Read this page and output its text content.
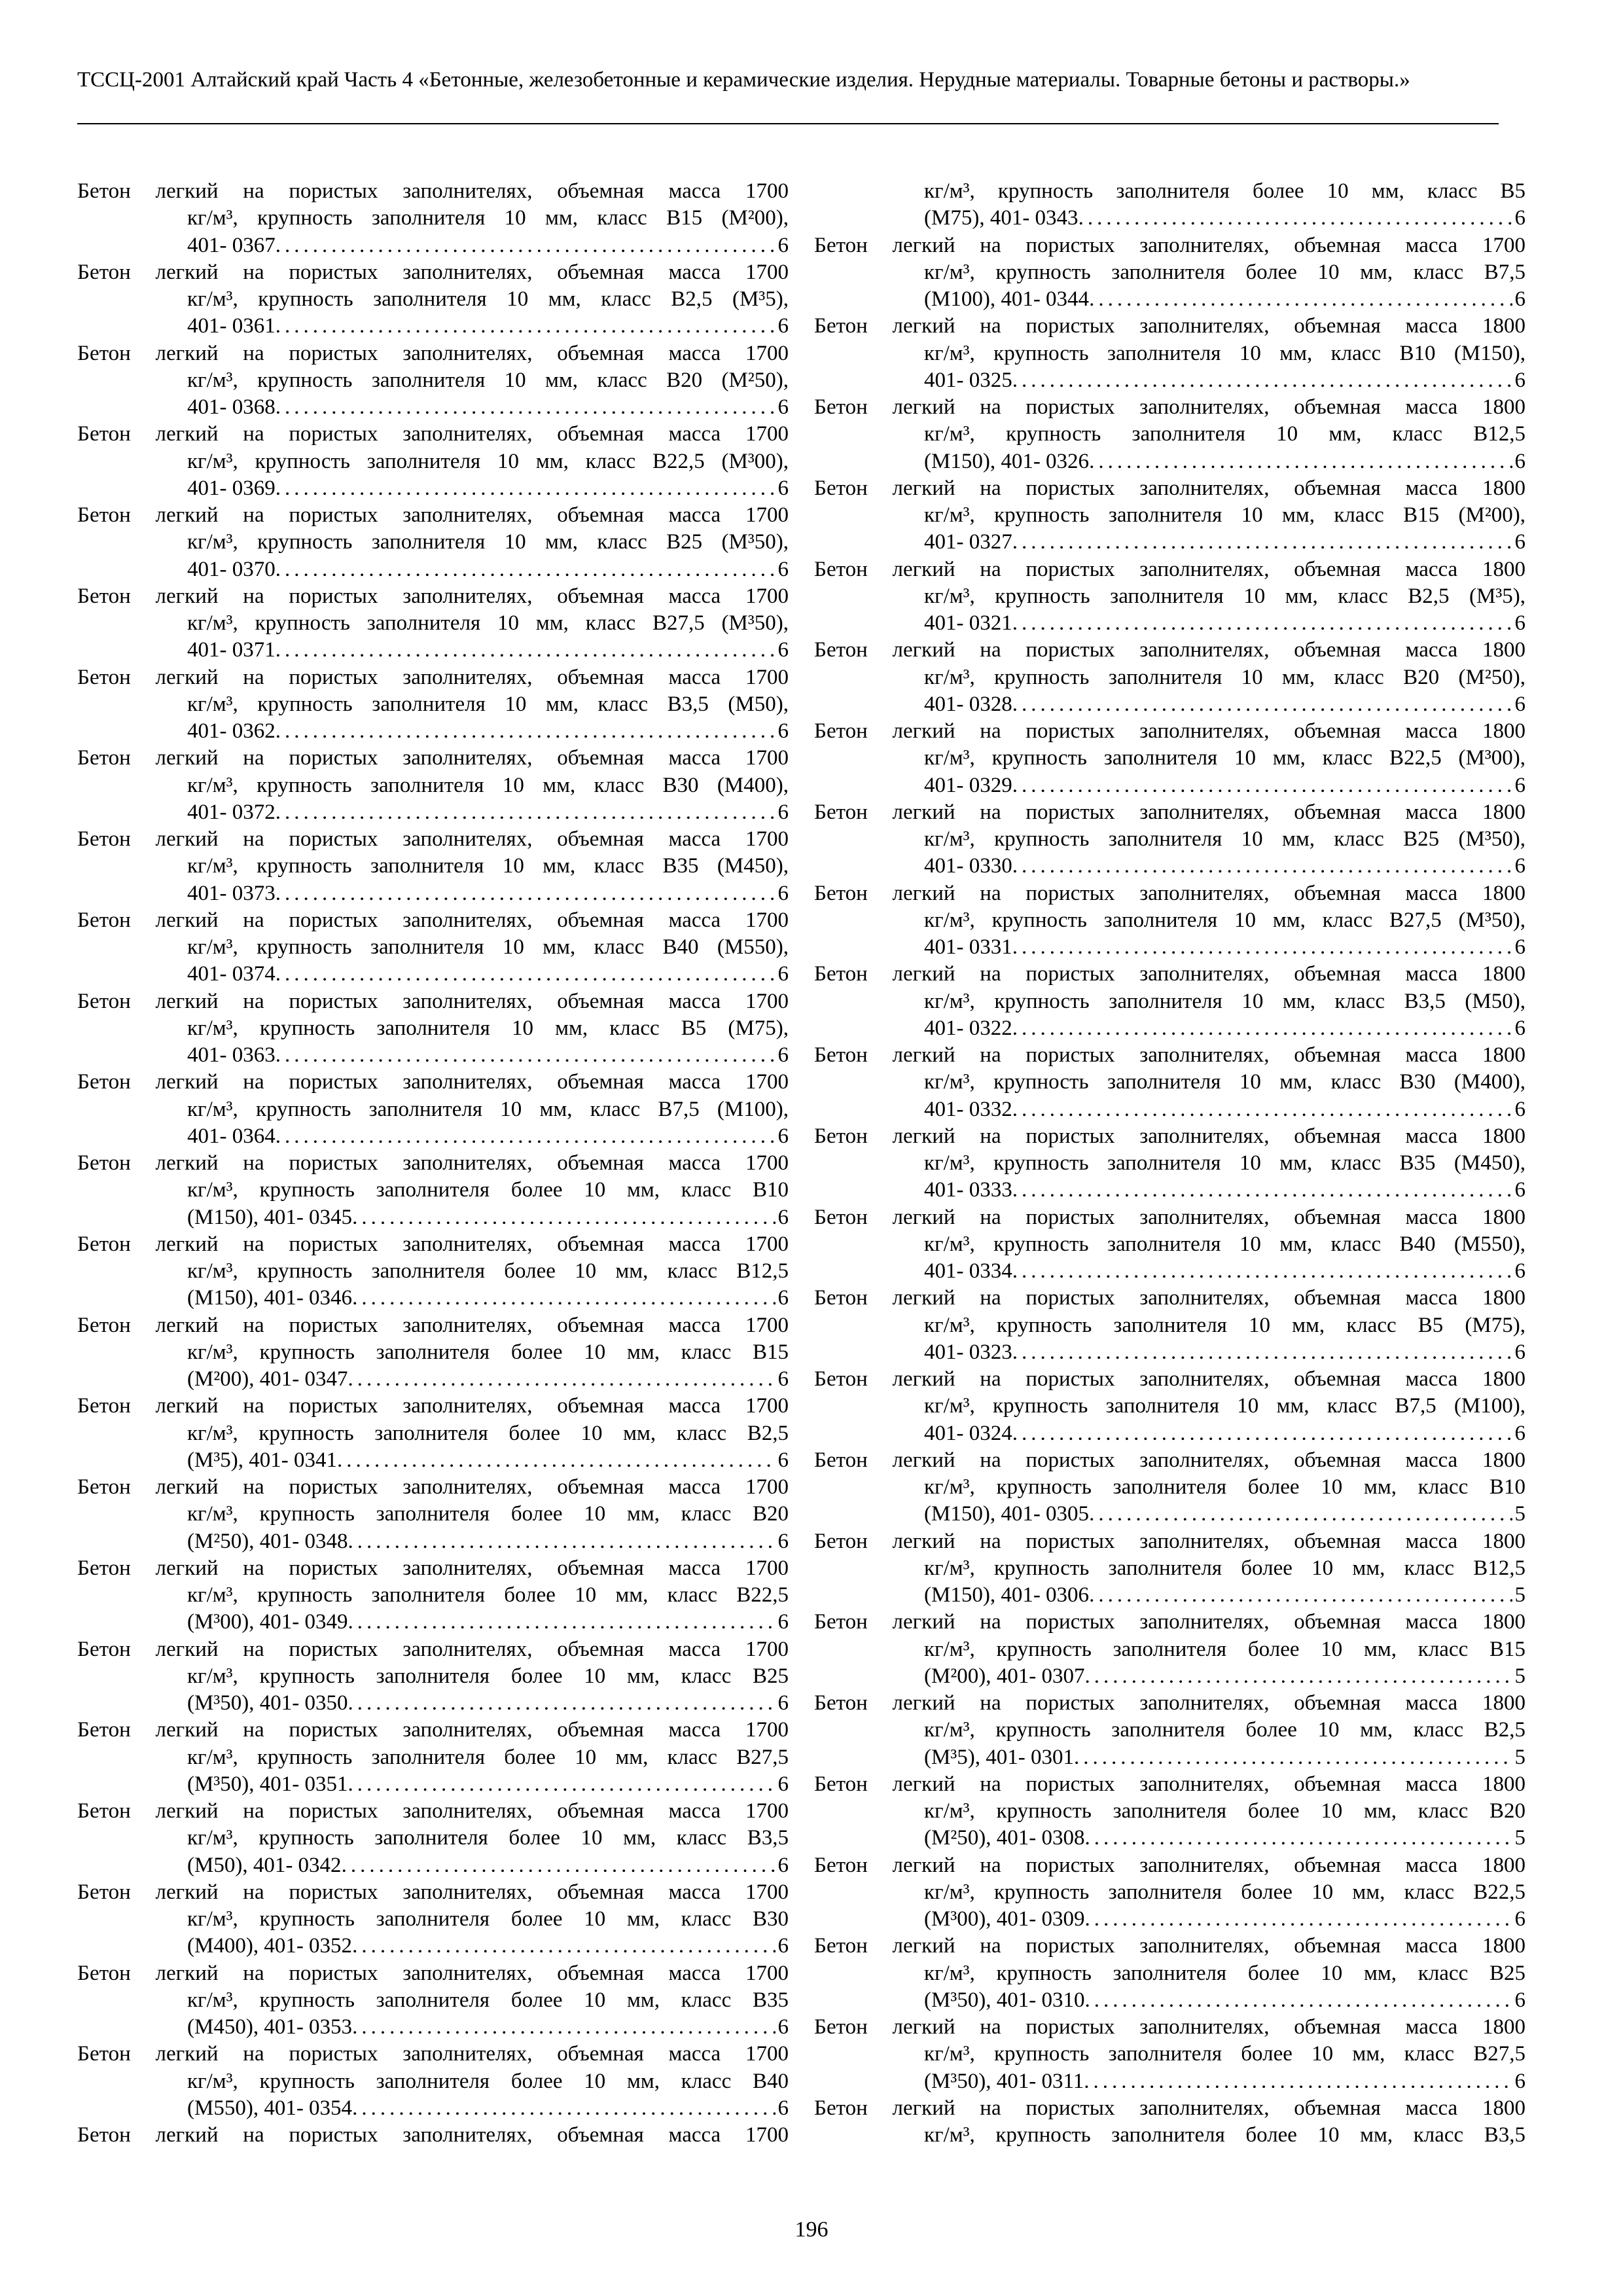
ТССЦ-2001 Алтайский край Часть 4 «Бетонные, железобетонные и керамические изделия. Нерудные материалы. Товарные бетоны и растворы.»
Бетон легкий на пористых заполнителях, объемная масса 1700
кг/м³, крупность заполнителя 10 мм, класс В15 (М²00),
401- 0367 .....	6
Бетон легкий на пористых заполнителях, объемная масса 1700
кг/м³, крупность заполнителя 10 мм, класс В2,5 (М³5),
401- 0361 .....	6
Бетон легкий на пористых заполнителях, объемная масса 1700
кг/м³, крупность заполнителя 10 мм, класс В20 (М²50),
401- 0368 .....	6
Бетон легкий на пористых заполнителях, объемная масса 1700
кг/м³, крупность заполнителя 10 мм, класс В22,5 (М³00),
401- 0369 .....	6
Бетон легкий на пористых заполнителях, объемная масса 1700
кг/м³, крупность заполнителя 10 мм, класс В25 (М³50),
401- 0370 .....	6
Бетон легкий на пористых заполнителях, объемная масса 1700
кг/м³, крупность заполнителя 10 мм, класс В27,5 (М³50),
401- 0371 .....	6
Бетон легкий на пористых заполнителях, объемная масса 1700
кг/м³, крупность заполнителя 10 мм, класс В3,5 (М50),
401- 0362 .....	6
Бетон легкий на пористых заполнителях, объемная масса 1700
кг/м³, крупность заполнителя 10 мм, класс В30 (М400),
401- 0372 .....	6
Бетон легкий на пористых заполнителях, объемная масса 1700
кг/м³, крупность заполнителя 10 мм, класс В35 (М450),
401- 0373 .....	6
Бетон легкий на пористых заполнителях, объемная масса 1700
кг/м³, крупность заполнителя 10 мм, класс В40 (М550),
401- 0374 .....	6
Бетон легкий на пористых заполнителях, объемная масса 1700
кг/м³, крупность заполнителя 10 мм, класс В5 (М75),
401- 0363 .....	6
Бетон легкий на пористых заполнителях, объемная масса 1700
кг/м³, крупность заполнителя 10 мм, класс В7,5 (М100),
401- 0364 .....	6
Бетон легкий на пористых заполнителях, объемная масса 1700
кг/м³, крупность заполнителя более 10 мм, класс В10
(М150), 401- 0345 .....	6
Бетон легкий на пористых заполнителях, объемная масса 1700
кг/м³, крупность заполнителя более 10 мм, класс В12,5
(М150), 401- 0346 .....	6
Бетон легкий на пористых заполнителях, объемная масса 1700
кг/м³, крупность заполнителя более 10 мм, класс В15
(М²00), 401- 0347 .....	6
Бетон легкий на пористых заполнителях, объемная масса 1700
кг/м³, крупность заполнителя более 10 мм, класс В2,5
(М³5), 401- 0341 .....	6
Бетон легкий на пористых заполнителях, объемная масса 1700
кг/м³, крупность заполнителя более 10 мм, класс В20
(М²50), 401- 0348 .....	6
Бетон легкий на пористых заполнителях, объемная масса 1700
кг/м³, крупность заполнителя более 10 мм, класс В22,5
(М³00), 401- 0349 .....	6
Бетон легкий на пористых заполнителях, объемная масса 1700
кг/м³, крупность заполнителя более 10 мм, класс В25
(М³50), 401- 0350 .....	6
Бетон легкий на пористых заполнителях, объемная масса 1700
кг/м³, крупность заполнителя более 10 мм, класс В27,5
(М³50), 401- 0351 .....	6
Бетон легкий на пористых заполнителях, объемная масса 1700
кг/м³, крупность заполнителя более 10 мм, класс В3,5
(М50), 401- 0342 .....	6
Бетон легкий на пористых заполнителях, объемная масса 1700
кг/м³, крупность заполнителя более 10 мм, класс В30
(М400), 401- 0352 .....	6
Бетон легкий на пористых заполнителях, объемная масса 1700
кг/м³, крупность заполнителя более 10 мм, класс В35
(М450), 401- 0353 .....	6
Бетон легкий на пористых заполнителях, объемная масса 1700
кг/м³, крупность заполнителя более 10 мм, класс В40
(М550), 401- 0354 .....	6
Бетон легкий на пористых заполнителях, объемная масса 1700
кг/м³, крупность заполнителя более 10 мм, класс В5
(М75), 401- 0343 .....	6
Бетон легкий на пористых заполнителях, объемная масса 1700
кг/м³, крупность заполнителя более 10 мм, класс В7,5
(М100), 401- 0344 .....	6
Бетон легкий на пористых заполнителях, объемная масса 1800
кг/м³, крупность заполнителя 10 мм, класс В10 (М150),
401- 0325 .....	6
Бетон легкий на пористых заполнителях, объемная масса 1800
кг/м³, крупность заполнителя 10 мм, класс В12,5
(М150), 401- 0326 .....	6
Бетон легкий на пористых заполнителях, объемная масса 1800
кг/м³, крупность заполнителя 10 мм, класс В15 (М²00),
401- 0327 .....	6
Бетон легкий на пористых заполнителях, объемная масса 1800
кг/м³, крупность заполнителя 10 мм, класс В2,5 (М³5),
401- 0321 .....	6
Бетон легкий на пористых заполнителях, объемная масса 1800
кг/м³, крупность заполнителя 10 мм, класс В20 (М²50),
401- 0328 .....	6
Бетон легкий на пористых заполнителях, объемная масса 1800
кг/м³, крупность заполнителя 10 мм, класс В22,5 (М³00),
401- 0329 .....	6
Бетон легкий на пористых заполнителях, объемная масса 1800
кг/м³, крупность заполнителя 10 мм, класс В25 (М³50),
401- 0330 .....	6
Бетон легкий на пористых заполнителях, объемная масса 1800
кг/м³, крупность заполнителя 10 мм, класс В27,5 (М³50),
401- 0331 .....	6
Бетон легкий на пористых заполнителях, объемная масса 1800
кг/м³, крупность заполнителя 10 мм, класс В3,5 (М50),
401- 0322 .....	6
Бетон легкий на пористых заполнителях, объемная масса 1800
кг/м³, крупность заполнителя 10 мм, класс В30 (М400),
401- 0332 .....	6
Бетон легкий на пористых заполнителях, объемная масса 1800
кг/м³, крупность заполнителя 10 мм, класс В35 (М450),
401- 0333 .....	6
Бетон легкий на пористых заполнителях, объемная масса 1800
кг/м³, крупность заполнителя 10 мм, класс В40 (М550),
401- 0334 .....	6
Бетон легкий на пористых заполнителях, объемная масса 1800
кг/м³, крупность заполнителя 10 мм, класс В5 (М75),
401- 0323 .....	6
Бетон легкий на пористых заполнителях, объемная масса 1800
кг/м³, крупность заполнителя 10 мм, класс В7,5 (М100),
401- 0324 .....	6
Бетон легкий на пористых заполнителях, объемная масса 1800
кг/м³, крупность заполнителя более 10 мм, класс В10
(М150), 401- 0305 .....	5
Бетон легкий на пористых заполнителях, объемная масса 1800
кг/м³, крупность заполнителя более 10 мм, класс В12,5
(М150), 401- 0306 .....	5
Бетон легкий на пористых заполнителях, объемная масса 1800
кг/м³, крупность заполнителя более 10 мм, класс В15
(М²00), 401- 0307 .....	5
Бетон легкий на пористых заполнителях, объемная масса 1800
кг/м³, крупность заполнителя более 10 мм, класс В2,5
(М³5), 401- 0301 .....	5
Бетон легкий на пористых заполнителях, объемная масса 1800
кг/м³, крупность заполнителя более 10 мм, класс В20
(М²50), 401- 0308 .....	5
Бетон легкий на пористых заполнителях, объемная масса 1800
кг/м³, крупность заполнителя более 10 мм, класс В22,5
(М³00), 401- 0309 .....	6
Бетон легкий на пористых заполнителях, объемная масса 1800
кг/м³, крупность заполнителя более 10 мм, класс В25
(М³50), 401- 0310 .....	6
Бетон легкий на пористых заполнителях, объемная масса 1800
кг/м³, крупность заполнителя более 10 мм, класс В27,5
(М³50), 401- 0311 .....	6
Бетон легкий на пористых заполнителях, объемная масса 1800
кг/м³, крупность заполнителя более 10 мм, класс В3,5
196
